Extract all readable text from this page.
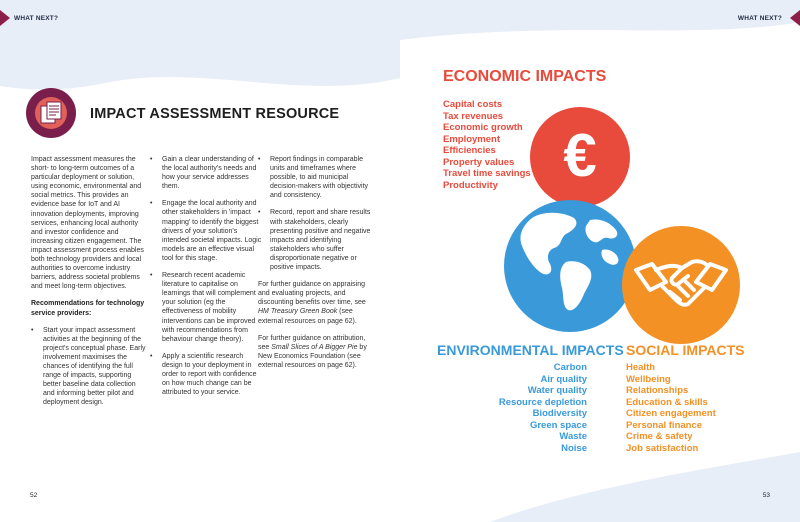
WHAT NEXT?
IMPACT ASSESSMENT RESOURCE

Impact assessment measures the short- to long-term outcomes of a particular deployment or solution, using economic, environmental and social metrics. This provides an evidence base for IoT and AI innovation deployments, improving services, enhancing local authority and investor confidence and increasing citizen engagement. The impact assessment process enables both technology providers and local authorities to overcome industry barriers, address societal problems and meet long-term objectives.

Recommendations for technology service providers:

• Start your impact assessment activities at the beginning of the project's conceptual phase. Early involvement maximises the chances of identifying the full range of impacts, supporting better baseline data collection and informing better pilot and deployment design.
• Gain a clear understanding of the local authority's needs and how your service addresses them.
• Engage the local authority and other stakeholders in 'impact mapping' to identify the biggest drivers of your solution's intended societal impacts. Logic models are an effective visual tool for this stage.
• Research recent academic literature to capitalise on learnings that will complement your solution (eg the effectiveness of mobility interventions can be improved with recommendations from behaviour change theory).
• Apply a scientific research design to your deployment in order to report with confidence on how much change can be attributed to your service.
• Report findings in comparable units and timeframes where possible, to aid municipal decision-makers with objectivity and consistency.
• Record, report and share results with stakeholders, clearly presenting positive and negative impacts and identifying stakeholders who suffer disproportionate negative or positive impacts.

For further guidance on appraising and evaluating projects, and discounting benefits over time, see HM Treasury Green Book (see external resources on page 62).

For further guidance on attribution, see Small Slices of A Bigger Pie by New Economics Foundation (see external resources on page 62).

52
WHAT NEXT?
ECONOMIC IMPACTS
Capital costs
Tax revenues
Economic growth
Employment
Efficiencies
Property values
Travel time savings
Productivity	€
ENVIRONMENTAL IMPACTS
Carbon
Air quality
Water quality
Resource depletion
Biodiversity
Green space
Waste
Noise
SOCIAL IMPACTS
Health
Wellbeing
Relationships
Education & skills
Citizen engagement
Personal finance
Crime & safety
Job satisfaction
53
